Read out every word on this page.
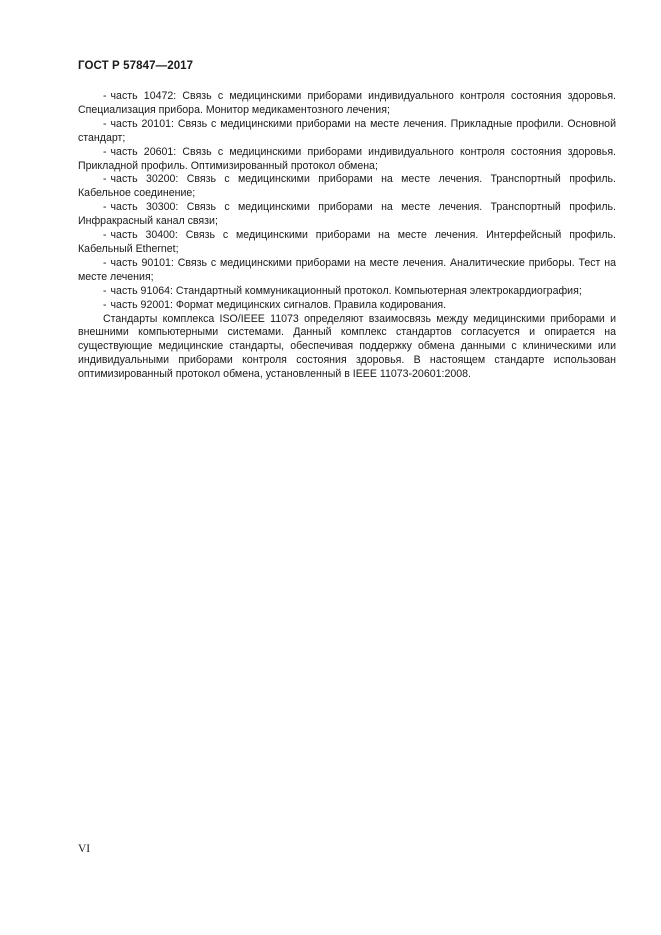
ГОСТ Р 57847—2017

- часть 10472: Связь с медицинскими приборами индивидуального контроля состояния здоровья. Специализация прибора. Монитор медикаментозного лечения;

- часть 20101: Связь с медицинскими приборами на месте лечения. Прикладные профили. Основной стандарт;

- часть 20601: Связь с медицинскими приборами индивидуального контроля состояния здоровья. Прикладной профиль. Оптимизированный протокол обмена;

- часть 30200: Связь с медицинскими приборами на месте лечения. Транспортный профиль. Кабельное соединение;

- часть 30300: Связь с медицинскими приборами на месте лечения. Транспортный профиль. Инфракрасный канал связи;

- часть 30400: Связь с медицинскими приборами на месте лечения. Интерфейсный профиль. Кабельный Ethernet;

- часть 90101: Связь с медицинскими приборами на месте лечения. Аналитические приборы. Тест на месте лечения;

- часть 91064: Стандартный коммуникационный протокол. Компьютерная электрокардиография;

- часть 92001: Формат медицинских сигналов. Правила кодирования.

Стандарты комплекса ISO/IEEE 11073 определяют взаимосвязь между медицинскими приборами и внешними компьютерными системами. Данный комплекс стандартов согласуется и опирается на существующие медицинские стандарты, обеспечивая поддержку обмена данными с клиническими или индивидуальными приборами контроля состояния здоровья. В настоящем стандарте использован оптимизированный протокол обмена, установленный в IEEE 11073-20601:2008.

VI
